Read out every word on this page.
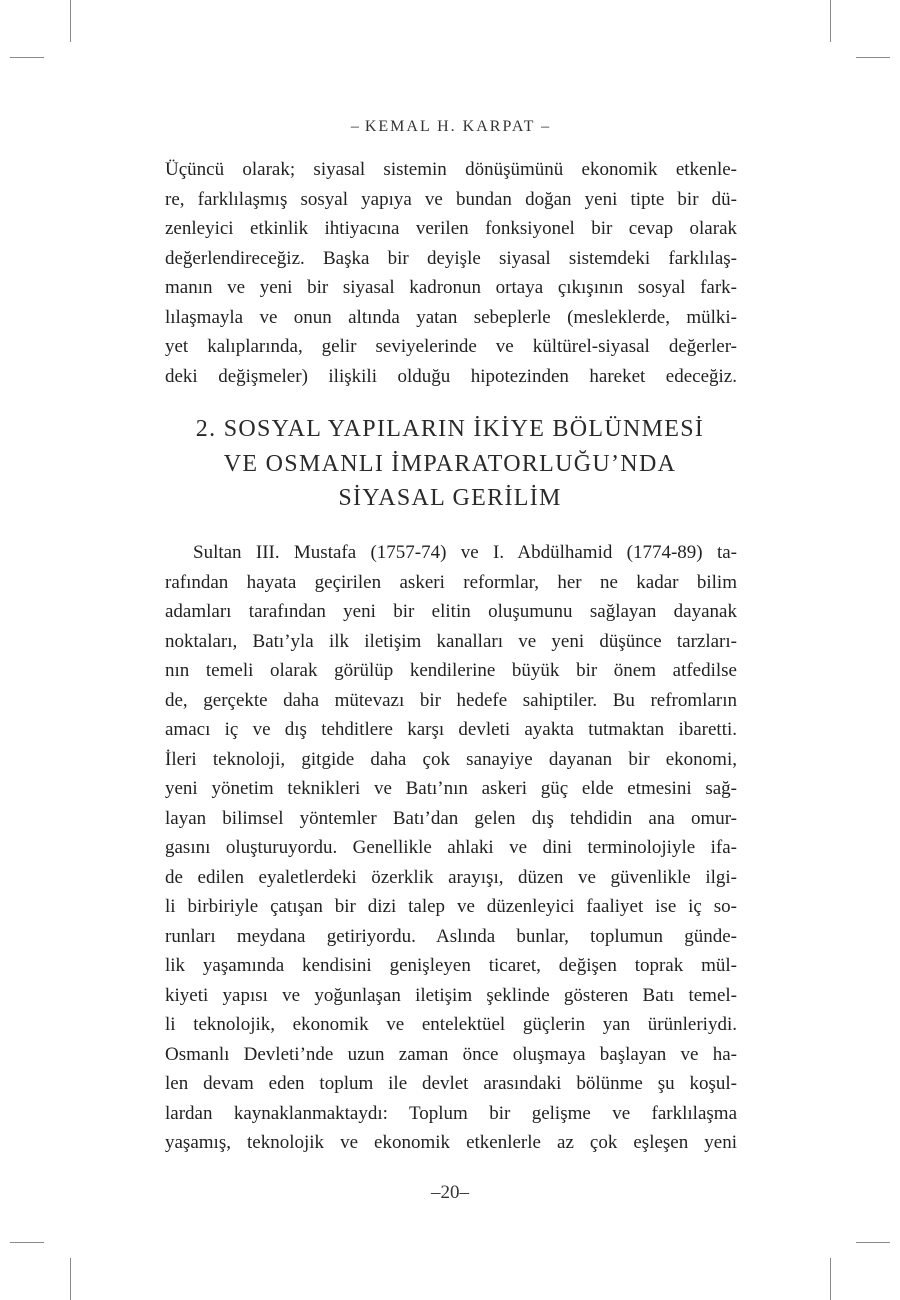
– KEMAL H. KARPAT –
Üçüncü olarak; siyasal sistemin dönüşümünü ekonomik etkenle-
re, farklılaşmış sosyal yapıya ve bundan doğan yeni tipte bir dü-
zenleyici etkinlik ihtiyacına verilen fonksiyonel bir cevap olarak
değerlendireceğiz. Başka bir deyişle siyasal sistemdeki farklılaş-
manın ve yeni bir siyasal kadronun ortaya çıkışının sosyal fark-
lılaşmayla ve onun altında yatan sebeplerle (mesleklerde, mülki-
yet kalıplarında, gelir seviyelerinde ve kültürel-siyasal değerler-
deki değişmeler) ilişkili olduğu hipotezinden hareket edeceğiz.
2. SOSYAL YAPILARIN İKİYE BÖLÜNMESİ
VE OSMANLI İMPARATORLUĞU’NDA
SİYASAL GERİLİM
Sultan III. Mustafa (1757-74) ve I. Abdülhamid (1774-89) ta-
rafından hayata geçirilen askeri reformlar, her ne kadar bilim
adamları tarafından yeni bir elitin oluşumunu sağlayan dayanak
noktaları, Batı’yla ilk iletişim kanalları ve yeni düşünce tarzları-
nın temeli olarak görülüp kendilerine büyük bir önem atfedilse
de, gerçekte daha mütevazı bir hedefe sahiptiler. Bu refromların
amacı iç ve dış tehditlere karşı devleti ayakta tutmaktan ibaretti.
İleri teknoloji, gitgide daha çok sanayiye dayanan bir ekonomi,
yeni yönetim teknikleri ve Batı’nın askeri güç elde etmesini sağ-
layan bilimsel yöntemler Batı’dan gelen dış tehdidin ana omur-
gasını oluşturuyordu. Genellikle ahlaki ve dini terminolojiyle ifa-
de edilen eyaletlerdeki özerklik arayışı, düzen ve güvenlikle ilgi-
li birbiriyle çatışan bir dizi talep ve düzenleyici faaliyet ise iç so-
runları meydana getiriyordu. Aslında bunlar, toplumun günde-
lik yaşamında kendisini genişleyen ticaret, değişen toprak mül-
kiyeti yapısı ve yoğunlaşan iletişim şeklinde gösteren Batı temel-
li teknolojik, ekonomik ve entelektüel güçlerin yan ürünleriydi.
Osmanlı Devleti’nde uzun zaman önce oluşmaya başlayan ve ha-
len devam eden toplum ile devlet arasındaki bölünme şu koşul-
lardan kaynaklanmaktaydı: Toplum bir gelişme ve farklılaşma
yaşamış, teknolojik ve ekonomik etkenlerle az çok eşleşen yeni
–20–
